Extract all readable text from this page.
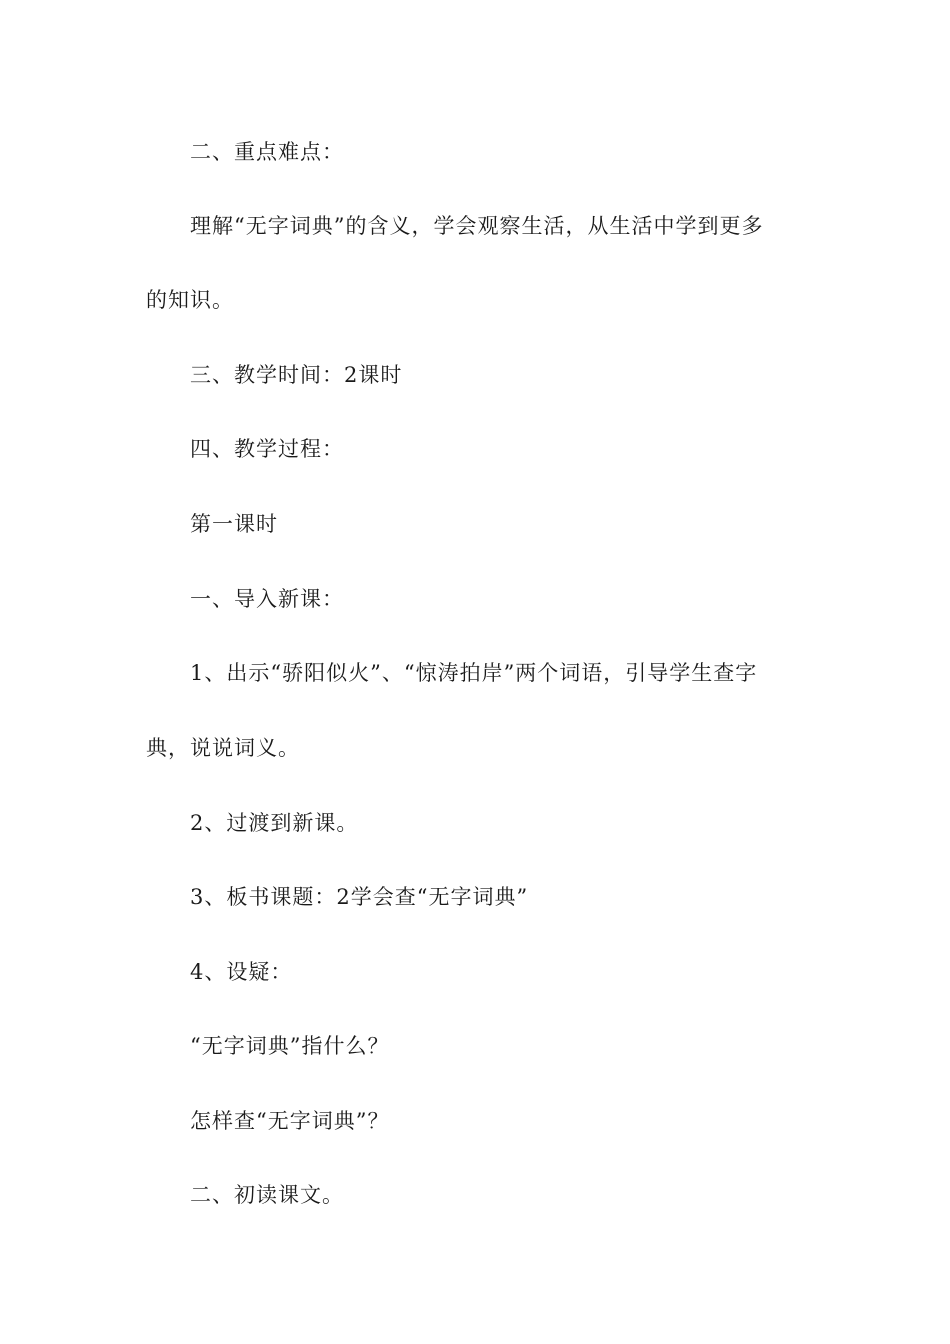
二、重点难点：
理解“无字词典”的含义，学会观察生活，从生活中学到更多
的知识。
三、教学时间：2课时
四、教学过程：
第一课时
一、导入新课：
1、出示“骄阳似火”、“惊涛拍岸”两个词语，引导学生查字
典，说说词义。
2、过渡到新课。
3、板书课题：2学会查“无字词典”
4、设疑：
“无字词典”指什么？
怎样查“无字词典”？
二、初读课文。
